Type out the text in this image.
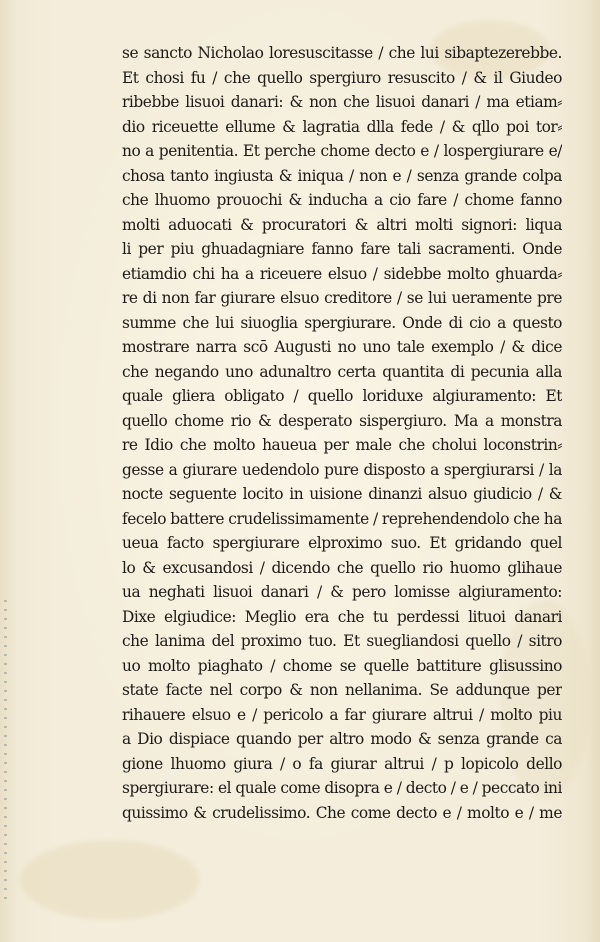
se sancto Nicholao loresuscitasse / che lui sibaptezerebbe.
Et chosi fu / che quello spergiuro resuscito / & il Giudeo
ribebbe lisuoi danari: & non che lisuoi danari / ma etiam⸗
dio riceuette ellume & lagratia dlla fede / & qllo poi tor⸗
no a penitentia. Et perche chome decto e / lospergiurare e/
chosa tanto ingiusta & iniqua / non e / senza grande colpa
che lhuomo prouochi & inducha a cio fare / chome fanno
molti aduocati & procuratori & altri molti signori: liqua
li per piu ghuadagniare fanno fare tali sacramenti. Onde
etiamdio chi ha a riceuere elsuo / sidebbe molto ghuarda⸗
re di non far giurare elsuo creditore / se lui ueramente pre
summe che lui siuoglia spergiurare. Onde di cio a questo
mostrare narra scō Augusti no uno tale exemplo / & dice
che negando uno adunaltro certa quantita di pecunia alla
quale gliera obligato / quello loriduxe algiuramento: Et
quello chome rio & desperato sispergiuro. Ma a monstra
re Idio che molto haueua per male che cholui loconstrin⸗
gesse a giurare uedendolo pure disposto a spergiurarsi / la
nocte seguente locito in uisione dinanzi alsuo giudicio / &
fecelo battere crudelissimamente / reprehendendolo che ha
ueua facto spergiurare elproximo suo. Et gridando quel
lo & excusandosi / dicendo che quello rio huomo glihaue
ua neghati lisuoi danari / & pero lomisse algiuramento:
Dixe elgiudice: Meglio era che tu perdessi lituoi danari
che lanima del proximo tuo. Et suegliandosi quello / sitro
uo molto piaghato / chome se quelle battiture glisussino
state facte nel corpo & non nellanima. Se addunque per
rihauere elsuo e / pericolo a far giurare altrui / molto piu
a Dio dispiace quando per altro modo & senza grande ca
gione lhuomo giura / o fa giurar altrui / p lopicolo dello
spergiurare: el quale come disopra e / decto / e / peccato ini
quissimo & crudelissimo. Che come decto e / molto e / me
